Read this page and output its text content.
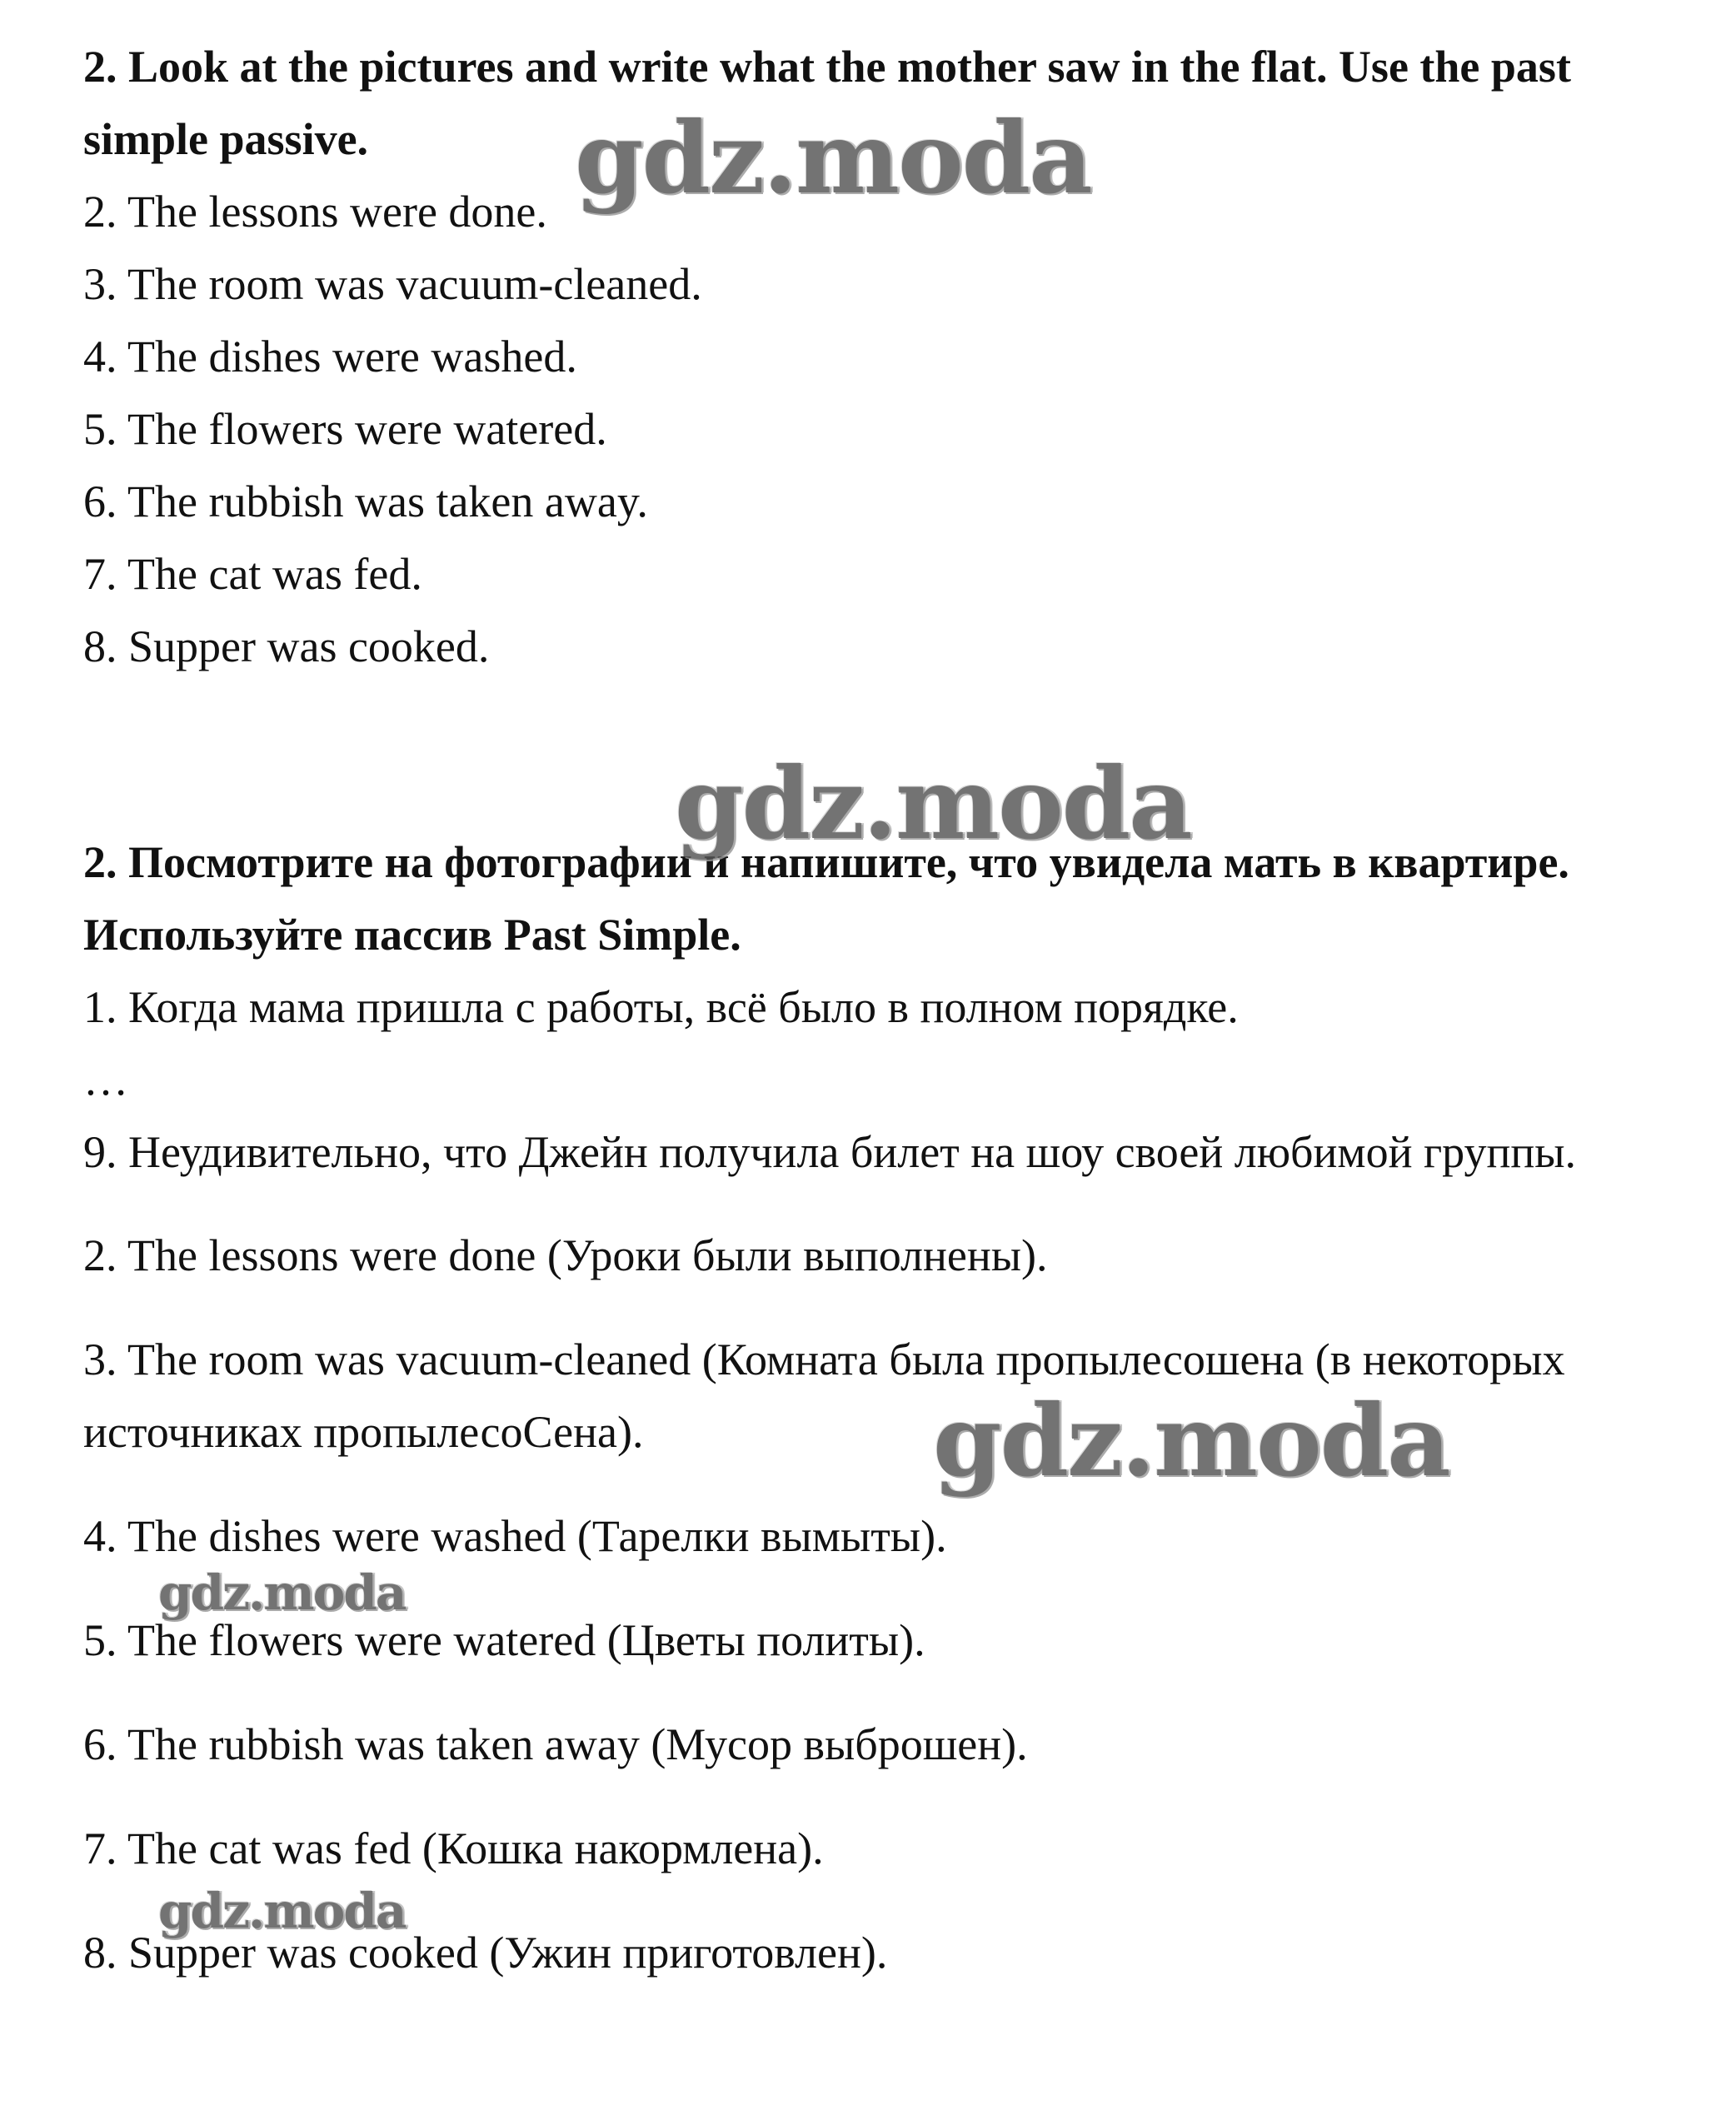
2. Look at the pictures and write what the mother saw in the flat. Use the past
simple passive.
2. The lessons were done.
3. The room was vacuum-cleaned.
4. The dishes were washed.
5. The flowers were watered.
6. The rubbish was taken away.
7. The cat was fed.
8. Supper was cooked.
2. Посмотрите на фотографии и напишите, что увидела мать в квартире.
Используйте пассив Past Simple.
1. Когда мама пришла с работы, всё было в полном порядке.
…
9. Неудивительно, что Джейн получила билет на шоу своей любимой группы.
2. The lessons were done (Уроки были выполнены).
3. The room was vacuum-cleaned (Комната была пропылесошена (в некоторых
источниках пропылесоСена).
4. The dishes were washed (Тарелки вымыты).
5. The flowers were watered (Цветы политы).
6. The rubbish was taken away (Мусор выброшен).
7. The cat was fed (Кошка накормлена).
8. Supper was cooked (Ужин приготовлен).
gdz.moda
gdz.moda
gdz.moda
gdz.moda
gdz.moda
